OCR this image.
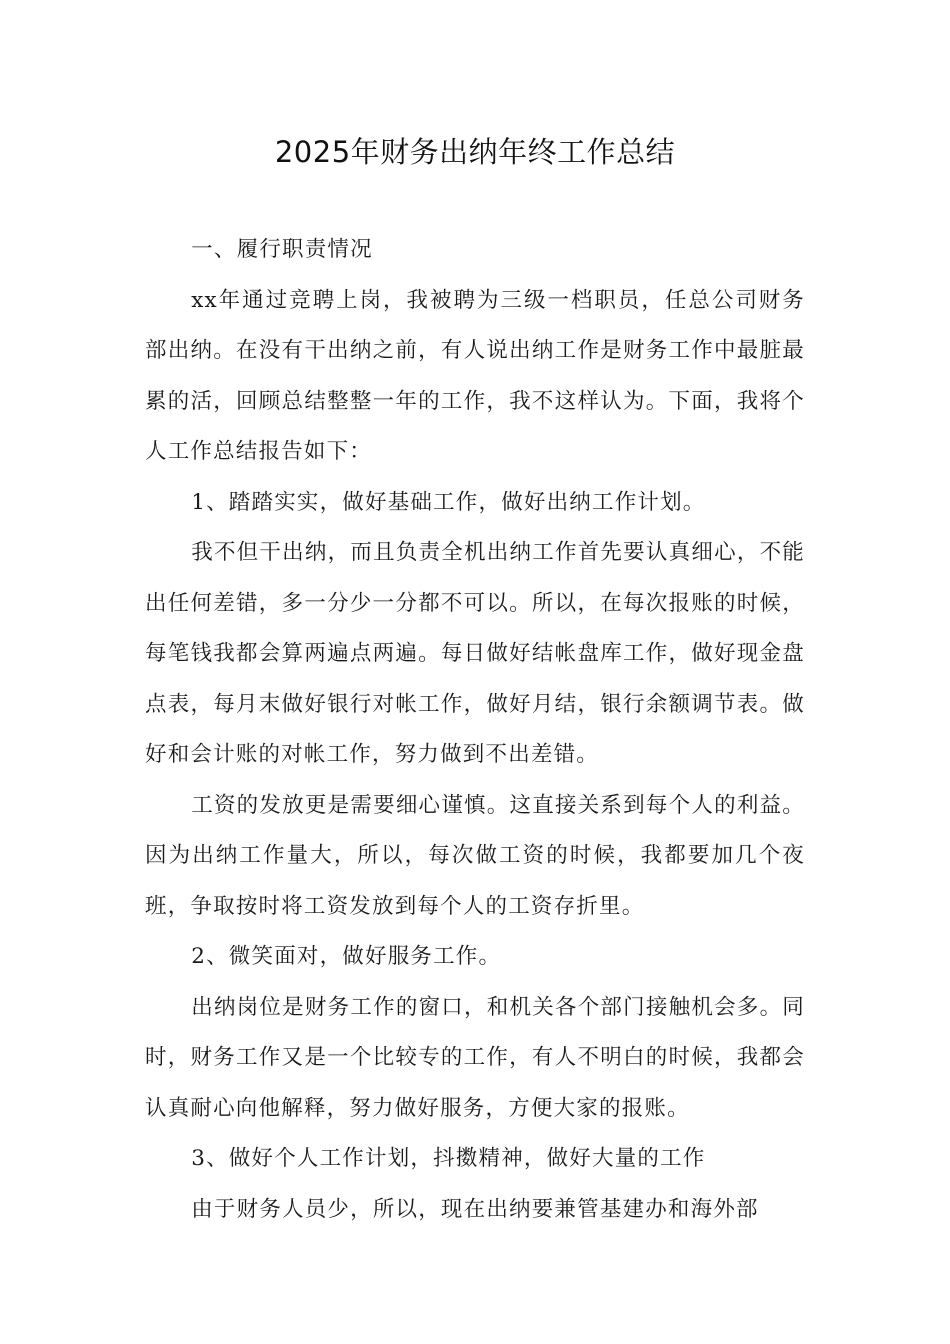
2025年财务出纳年终工作总结

一、履行职责情况

xx年通过竞聘上岗，我被聘为三级一档职员，任总公司财务部出纳。在没有干出纳之前，有人说出纳工作是财务工作中最脏最累的活，回顾总结整整一年的工作，我不这样认为。下面，我将个人工作总结报告如下：

1、踏踏实实，做好基础工作，做好出纳工作计划。

我不但干出纳，而且负责全机出纳工作首先要认真细心，不能出任何差错，多一分少一分都不可以。所以，在每次报账的时候，每笔钱我都会算两遍点两遍。每日做好结帐盘库工作，做好现金盘点表，每月末做好银行对帐工作，做好月结，银行余额调节表。做好和会计账的对帐工作，努力做到不出差错。

工资的发放更是需要细心谨慎。这直接关系到每个人的利益。因为出纳工作量大，所以，每次做工资的时候，我都要加几个夜班，争取按时将工资发放到每个人的工资存折里。

2、微笑面对，做好服务工作。

出纳岗位是财务工作的窗口，和机关各个部门接触机会多。同时，财务工作又是一个比较专的工作，有人不明白的时候，我都会认真耐心向他解释，努力做好服务，方便大家的报账。

3、做好个人工作计划，抖擞精神，做好大量的工作

由于财务人员少，所以，现在出纳要兼管基建办和海外部
